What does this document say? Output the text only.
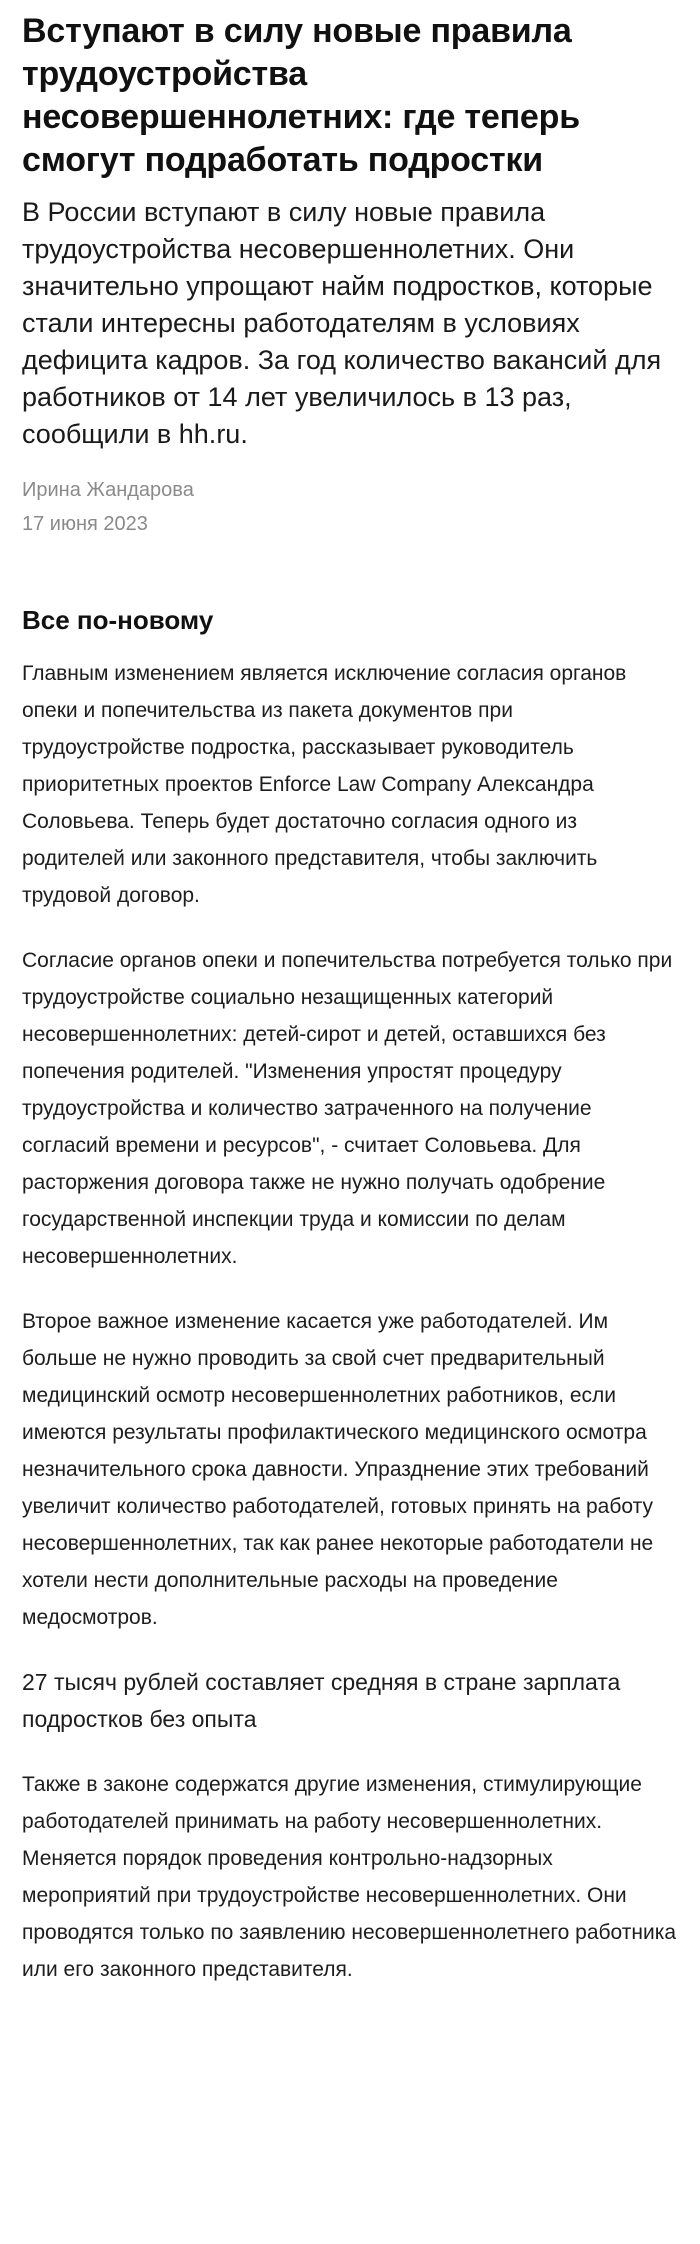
Вступают в силу новые правила трудоустройства несовершеннолетних: где теперь смогут подработать подростки

В России вступают в силу новые правила трудоустройства несовершеннолетних. Они значительно упрощают найм подростков, которые стали интересны работодателям в условиях дефицита кадров. За год количество вакансий для работников от 14 лет увеличилось в 13 раз, сообщили в hh.ru.

Ирина Жандарова
17 июня 2023
Все по-новому

Главным изменением является исключение согласия органов опеки и попечительства из пакета документов при трудоустройстве подростка, рассказывает руководитель приоритетных проектов Enforce Law Company Александра Соловьева. Теперь будет достаточно согласия одного из родителей или законного представителя, чтобы заключить трудовой договор.

Согласие органов опеки и попечительства потребуется только при трудоустройстве социально незащищенных категорий несовершеннолетних: детей-сирот и детей, оставшихся без попечения родителей. "Изменения упростят процедуру трудоустройства и количество затраченного на получение согласий времени и ресурсов", - считает Соловьева. Для расторжения договора также не нужно получать одобрение государственной инспекции труда и комиссии по делам несовершеннолетних.

Второе важное изменение касается уже работодателей. Им больше не нужно проводить за свой счет предварительный медицинский осмотр несовершеннолетних работников, если имеются результаты профилактического медицинского осмотра незначительного срока давности. Упразднение этих требований увеличит количество работодателей, готовых принять на работу несовершеннолетних, так как ранее некоторые работодатели не хотели нести дополнительные расходы на проведение медосмотров.

27 тысяч рублей составляет средняя в стране зарплата подростков без опыта

Также в законе содержатся другие изменения, стимулирующие работодателей принимать на работу несовершеннолетних. Меняется порядок проведения контрольно-надзорных мероприятий при трудоустройстве несовершеннолетних. Они проводятся только по заявлению несовершеннолетнего работника или его законного представителя.
